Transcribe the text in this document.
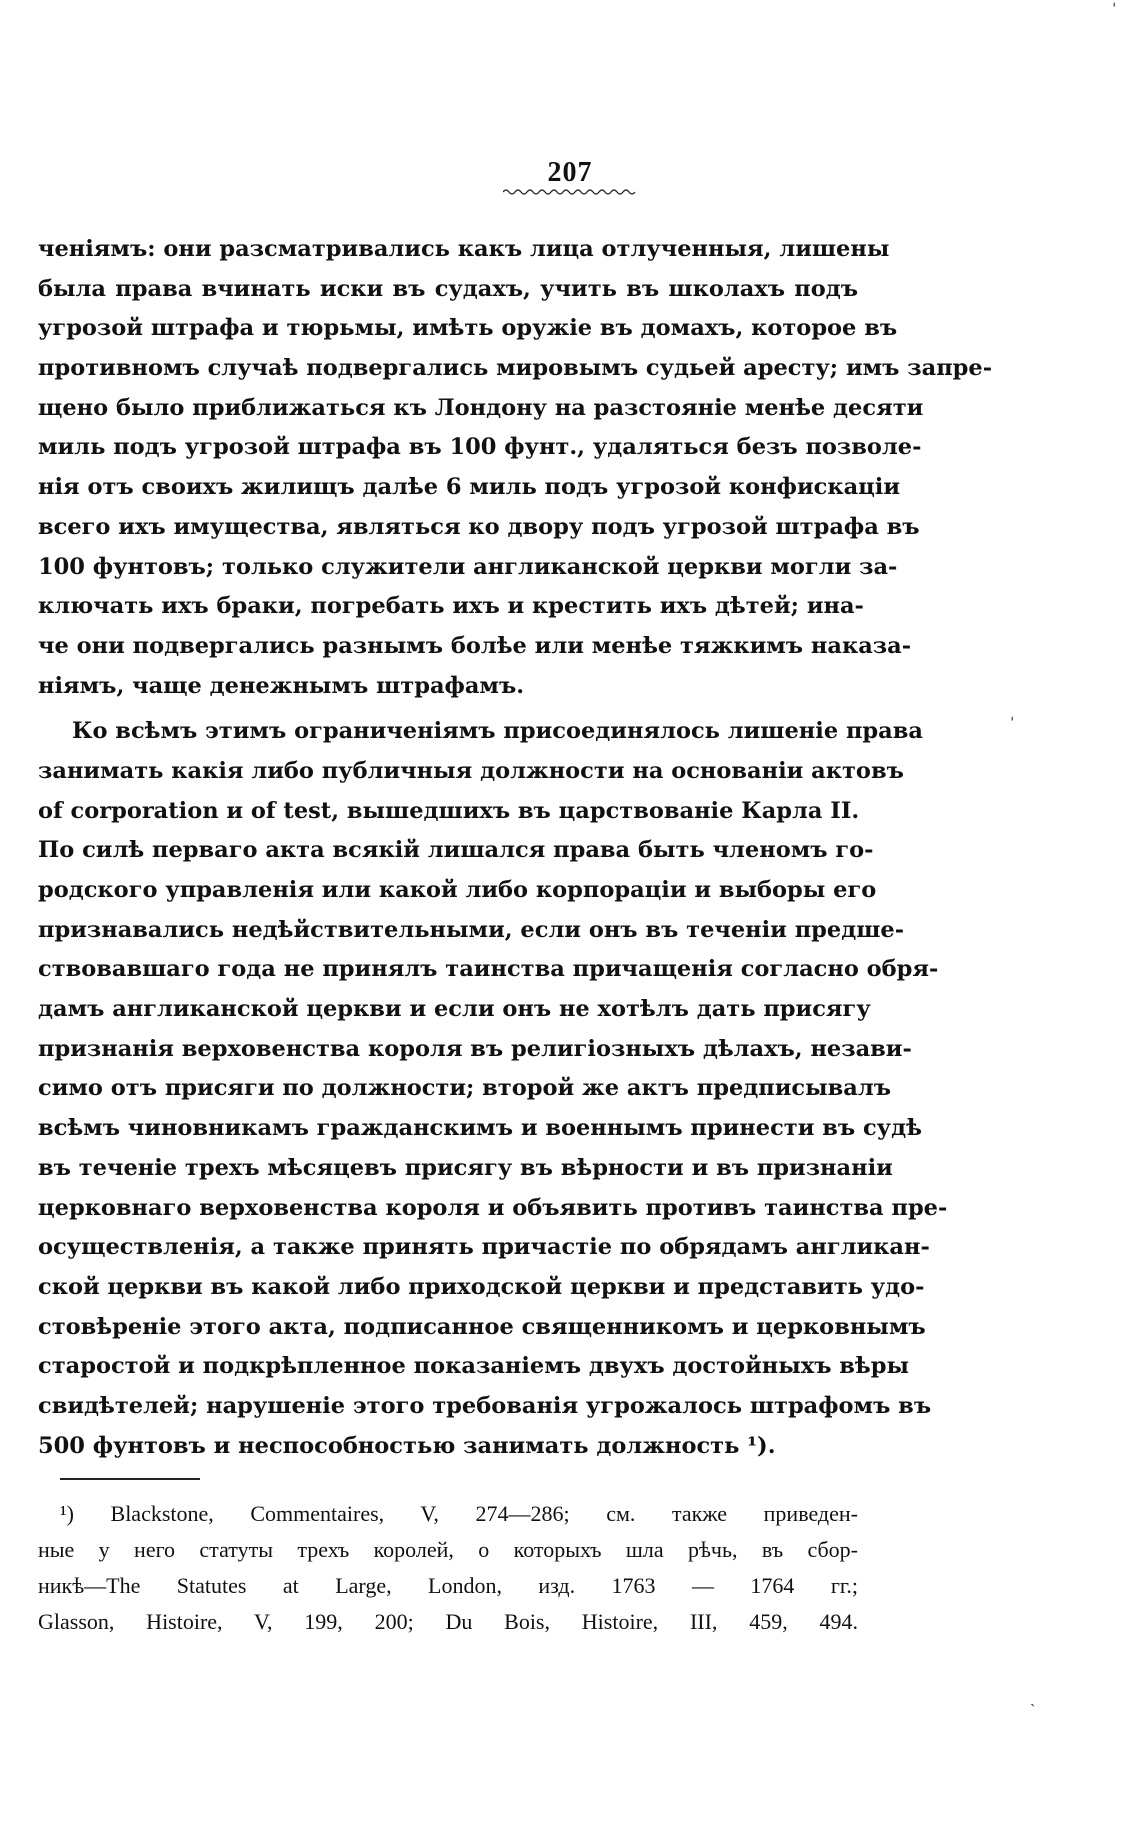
207
ˈ
ˈ
ˏ
ченіямъ: они разсматривались какъ лица отлученныя, лишены
была права вчинать иски въ судахъ, учить въ школахъ подъ
угрозой штрафа и тюрьмы, имѣть оружіе въ домахъ, которое въ
противномъ случаѣ подвергались мировымъ судьей аресту; имъ запре-
щено было приближаться къ Лондону на разстояніе менѣе десяти
миль подъ угрозой штрафа въ 100 фунт., удаляться безъ позволе-
нія отъ своихъ жилищъ далѣе 6 миль подъ угрозой конфискаціи
всего ихъ имущества, являться ко двору подъ угрозой штрафа въ
100 фунтовъ; только служители англиканской церкви могли за-
ключать ихъ браки, погребать ихъ и крестить ихъ дѣтей; ина-
че они подвергались разнымъ болѣе или менѣе тяжкимъ наказа-
ніямъ, чаще денежнымъ штрафамъ.
Ко всѣмъ этимъ ограниченіямъ присоединялось лишеніе права
занимать какія либо публичныя должности на основаніи актовъ
of corporation и of test, вышедшихъ въ царствованіе Карла II.
По силѣ перваго акта всякій лишался права быть членомъ го-
родского управленія или какой либо корпораціи и выборы его
признавались недѣйствительными, если онъ въ теченіи предше-
ствовавшаго года не принялъ таинства причащенія согласно обря-
дамъ англиканской церкви и если онъ не хотѣлъ дать присягу
признанія верховенства короля въ религіозныхъ дѣлахъ, незави-
симо отъ присяги по должности; второй же актъ предписывалъ
всѣмъ чиновникамъ гражданскимъ и военнымъ принести въ судѣ
въ теченіе трехъ мѣсяцевъ присягу въ вѣрности и въ признаніи
церковнаго верховенства короля и объявить противъ таинства пре-
осуществленія, а также принять причастіе по обрядамъ англикан-
ской церкви въ какой либо приходской церкви и представить удо-
стовѣреніе этого акта, подписанное священникомъ и церковнымъ
старостой и подкрѣпленное показаніемъ двухъ достойныхъ вѣры
свидѣтелей; нарушеніе этого требованія угрожалось штрафомъ въ
500 фунтовъ и неспособностью занимать должность ¹).
¹) Blackstone, Commentaires, V, 274—286; см. также приведен-
ные у него статуты трехъ королей, о которыхъ шла рѣчь, въ сбор-
никѣ—The Statutes at Large, London, изд. 1763 — 1764 гг.;
Glasson, Histoire, V, 199, 200; Du Bois, Histoire, III, 459, 494.
